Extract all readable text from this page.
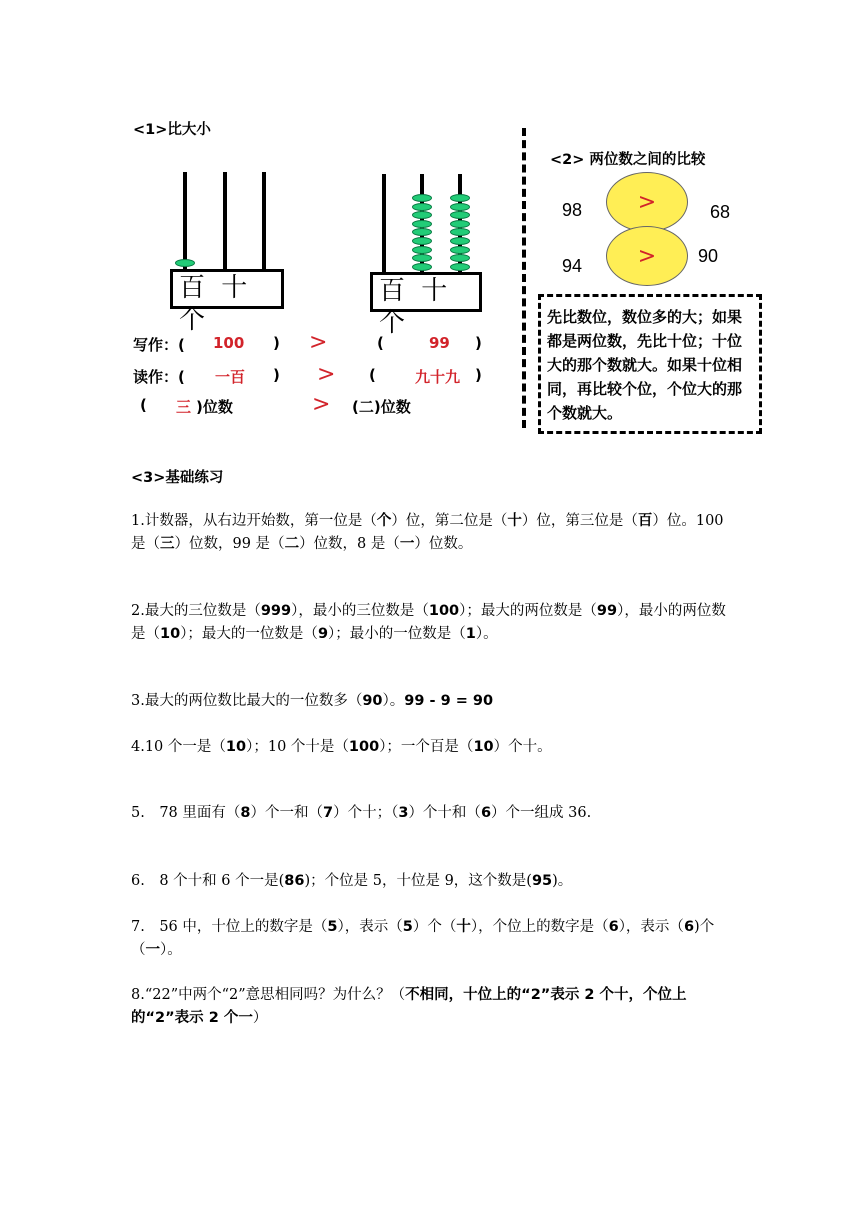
<1>比大小
百 十 个
百 十 个
写作：( 100 ) >	(	99 )
读作：( 一百 ) > (	九十九 )
( 三 )位数	> (二)位数
<2> 两位数之间的比较
98	>	68
94	>	90
先比数位，数位多的大；如果都是两位数，先比十位；十位大的那个数就大。如果十位相同，再比较个位，个位大的那个数就大。
<3>基础练习
1.计数器，从右边开始数，第一位是（个）位，第二位是（十）位，第三位是（百）位。100 是（三）位数，99 是（二）位数，8 是（一）位数。
2.最大的三位数是（999），最小的三位数是（100）；最大的两位数是（99），最小的两位数是（10）；最大的一位数是（9）；最小的一位数是（1）。
3.最大的两位数比最大的一位数多（90）。99 - 9 = 90
4.10 个一是（10）；10 个十是（100）；一个百是（10）个十。
5.　78 里面有（8）个一和（7）个十；（3）个十和（6）个一组成 36.
6.　8 个十和 6 个一是(86)；个位是 5，十位是 9，这个数是(95)。
7.　56 中，十位上的数字是（5），表示（5）个（十），个位上的数字是（6），表示（6)个（一）。
8.“22”中两个“2”意思相同吗？为什么？（不相同，十位上的“2”表示 2 个十，个位上的“2”表示 2 个一）
